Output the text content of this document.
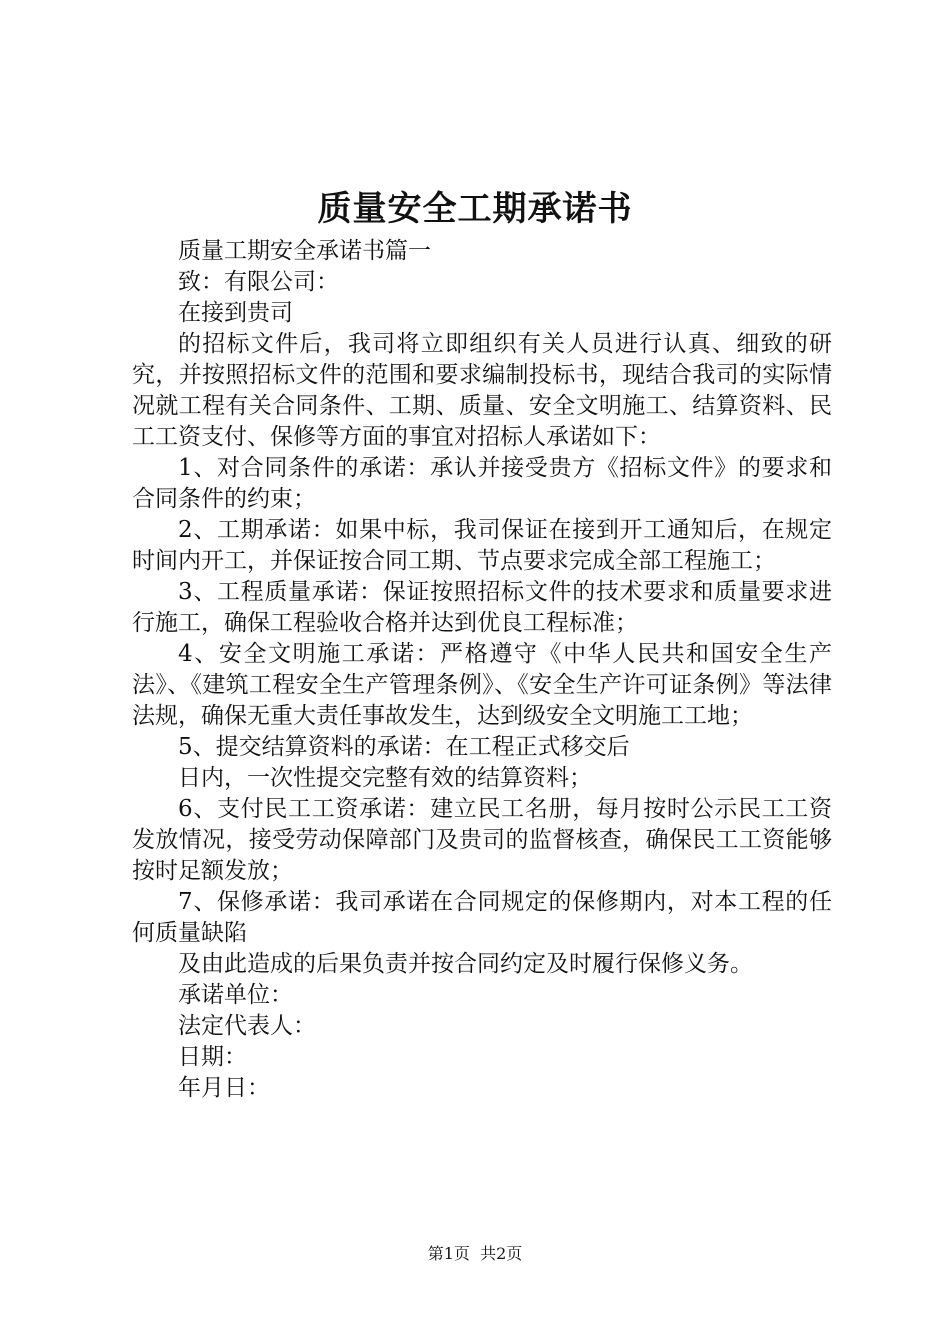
质量安全工期承诺书

质量工期安全承诺书篇一

致：有限公司：

在接到贵司

的招标文件后，我司将立即组织有关人员进行认真、细致的研究，并按照招标文件的范围和要求编制投标书，现结合我司的实际情况就工程有关合同条件、工期、质量、安全文明施工、结算资料、民工工资支付、保修等方面的事宜对招标人承诺如下：

1、对合同条件的承诺：承认并接受贵方《招标文件》的要求和合同条件的约束；

2、工期承诺：如果中标，我司保证在接到开工通知后，在规定时间内开工，并保证按合同工期、节点要求完成全部工程施工；

3、工程质量承诺：保证按照招标文件的技术要求和质量要求进行施工，确保工程验收合格并达到优良工程标准；

4、安全文明施工承诺：严格遵守《中华人民共和国安全生产法》、《建筑工程安全生产管理条例》、《安全生产许可证条例》等法律法规，确保无重大责任事故发生，达到级安全文明施工工地；

5、提交结算资料的承诺：在工程正式移交后

日内，一次性提交完整有效的结算资料；

6、支付民工工资承诺：建立民工名册，每月按时公示民工工资发放情况，接受劳动保障部门及贵司的监督核查，确保民工工资能够按时足额发放；

7、保修承诺：我司承诺在合同规定的保修期内，对本工程的任何质量缺陷

及由此造成的后果负责并按合同约定及时履行保修义务。

承诺单位：

法定代表人：

日期：

年月日：

第1页  共2页
